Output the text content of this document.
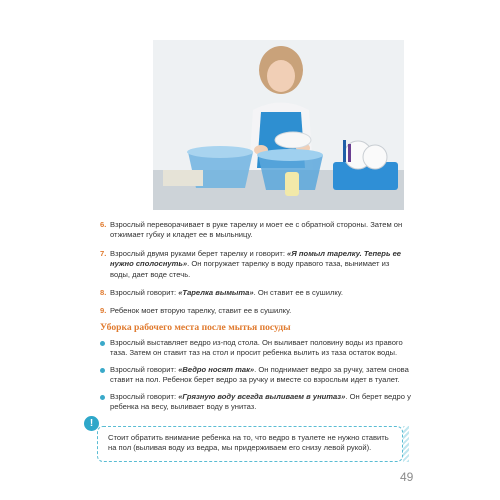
6. Взрослый переворачивает в руке тарелку и моет ее с обратной стороны. Затем он отжимает губку и кладет ее в мыльницу.
7. Взрослый двумя руками берет тарелку и говорит: «Я помыл тарелку. Теперь ее нужно сполоснуть». Он погружает тарелку в воду правого таза, вынимает из воды, дает воде стечь.
8. Взрослый говорит: «Тарелка вымыта». Он ставит ее в сушилку.
9. Ребенок моет вторую тарелку, ставит ее в сушилку.
Уборка рабочего места после мытья посуды
Взрослый выставляет ведро из-под стола. Он выливает половину воды из правого таза. Затем он ставит таз на стол и просит ребенка вылить из таза остаток воды.
Взрослый говорит: «Ведро носят так». Он поднимает ведро за ручку, затем снова ставит на пол. Ребенок берет ведро за ручку и вместе со взрослым идет в туалет.
Взрослый говорит: «Грязную воду всегда выливаем в унитаз». Он берет ведро у ребенка на весу, выливает воду в унитаз.
Стоит обратить внимание ребенка на то, что ведро в туалете не нужно ставить на пол (выливая воду из ведра, мы придерживаем его снизу левой рукой).
!
49
